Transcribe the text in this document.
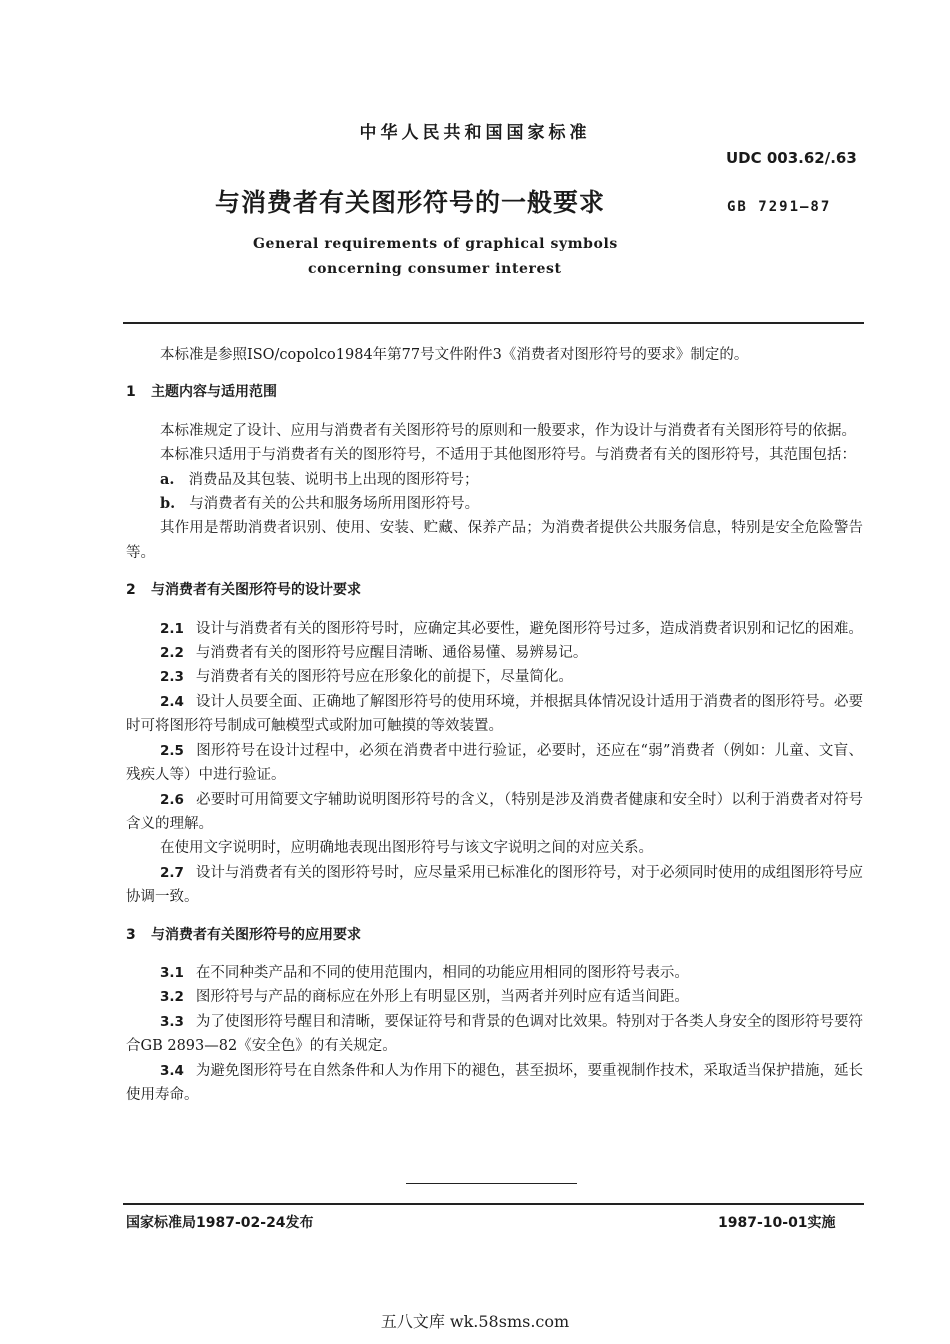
中华人民共和国国家标准
UDC 003.62/.63
与消费者有关图形符号的一般要求	GB 7291—87
General requirements of graphical symbols
concerning consumer interest

本标准是参照ISO/copolco1984年第77号文件附件3《消费者对图形符号的要求》制定的。

1 主题内容与适用范围

本标准规定了设计、应用与消费者有关图形符号的原则和一般要求，作为设计与消费者有关图形符号的依据。

本标准只适用于与消费者有关的图形符号，不适用于其他图形符号。与消费者有关的图形符号，其范围包括：

a. 消费品及其包装、说明书上出现的图形符号；

b. 与消费者有关的公共和服务场所用图形符号。

其作用是帮助消费者识别、使用、安装、贮藏、保养产品；为消费者提供公共服务信息，特别是安全危险警告等。

2 与消费者有关图形符号的设计要求

2.1 设计与消费者有关的图形符号时，应确定其必要性，避免图形符号过多，造成消费者识别和记忆的困难。

2.2 与消费者有关的图形符号应醒目清晰、通俗易懂、易辨易记。

2.3 与消费者有关的图形符号应在形象化的前提下，尽量简化。

2.4 设计人员要全面、正确地了解图形符号的使用环境，并根据具体情况设计适用于消费者的图形符号。必要时可将图形符号制成可触模型式或附加可触摸的等效装置。

2.5 图形符号在设计过程中，必须在消费者中进行验证，必要时，还应在“弱”消费者（例如：儿童、文盲、残疾人等）中进行验证。

2.6 必要时可用简要文字辅助说明图形符号的含义，（特别是涉及消费者健康和安全时）以利于消费者对符号含义的理解。

在使用文字说明时，应明确地表现出图形符号与该文字说明之间的对应关系。

2.7 设计与消费者有关的图形符号时，应尽量采用已标准化的图形符号，对于必须同时使用的成组图形符号应协调一致。

3 与消费者有关图形符号的应用要求

3.1 在不同种类产品和不同的使用范围内，相同的功能应用相同的图形符号表示。

3.2 图形符号与产品的商标应在外形上有明显区别，当两者并列时应有适当间距。

3.3 为了使图形符号醒目和清晰，要保证符号和背景的色调对比效果。特别对于各类人身安全的图形符号要符合GB 2893—82《安全色》的有关规定。

3.4 为避免图形符号在自然条件和人为作用下的褪色，甚至损坏，要重视制作技术，采取适当保护措施，延长使用寿命。

国家标准局1987-02-24发布	1987-10-01实施
五八文库 wk.58sms.com
